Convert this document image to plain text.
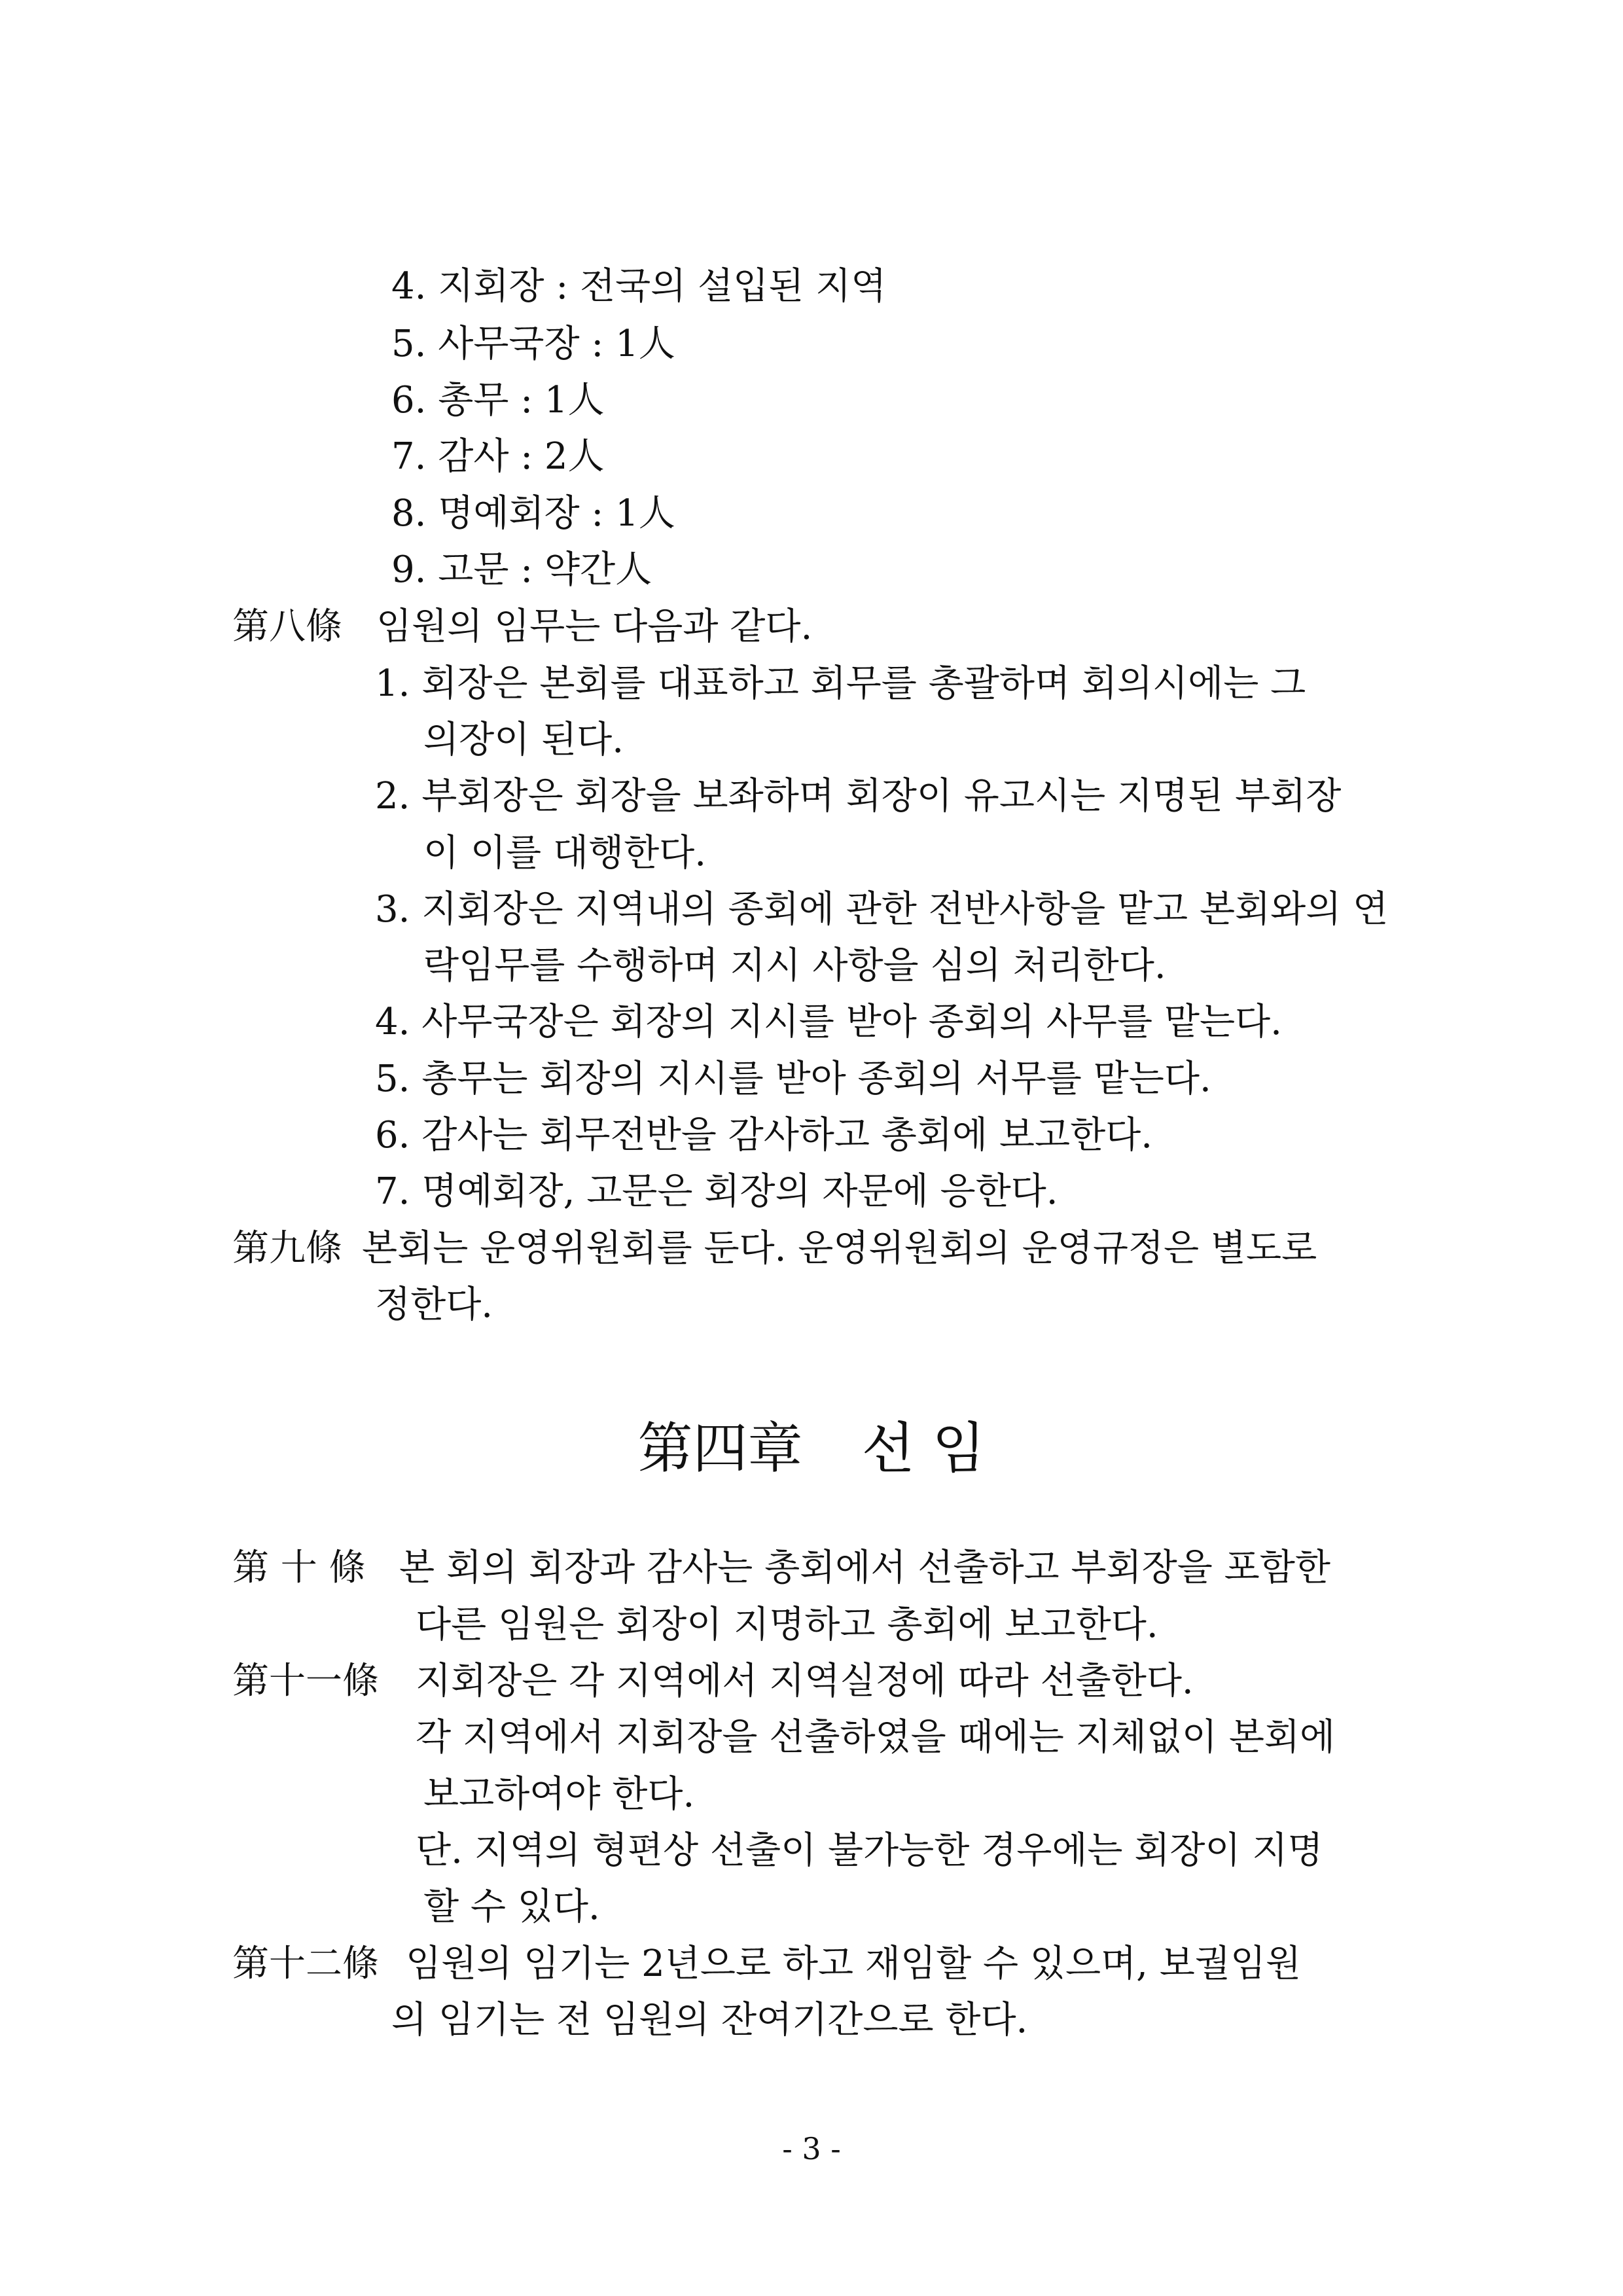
4. 지회장 : 전국의 설입된 지역
5. 사무국장 : 1人
6. 총무 : 1人
7. 감사 : 2人
8. 명예회장 : 1人
9. 고문 : 약간人
第八條 임원의 임무는 다음과 같다.
1. 회장은 본회를 대표하고 회무를 총괄하며 회의시에는 그
의장이 된다.
2. 부회장은 회장을 보좌하며 회장이 유고시는 지명된 부회장
이 이를 대행한다.
3. 지회장은 지역내의 종회에 관한 전반사항을 맡고 본회와의 연
락임무를 수행하며 지시 사항을 심의 처리한다.
4. 사무국장은 회장의 지시를 받아 종회의 사무를 맡는다.
5. 총무는 회장의 지시를 받아 종회의 서무를 맡는다.
6. 감사는 회무전반을 감사하고 총회에 보고한다.
7. 명예회장, 고문은 회장의 자문에 응한다.
第九條 본회는 운영위원회를 둔다. 운영위원회의 운영규정은 별도로
정한다.
第四章 선 임
第 十 條 본 회의 회장과 감사는 총회에서 선출하고 부회장을 포함한
다른 임원은 회장이 지명하고 총회에 보고한다.
第十一條 지회장은 각 지역에서 지역실정에 따라 선출한다.
각 지역에서 지회장을 선출하였을 때에는 지체없이 본회에
보고하여야 한다.
단. 지역의 형편상 선출이 불가능한 경우에는 회장이 지명
할 수 있다.
第十二條 임원의 임기는 2년으로 하고 재임할 수 있으며, 보궐임원
의 임기는 전 임원의 잔여기간으로 한다.
- 3 -
